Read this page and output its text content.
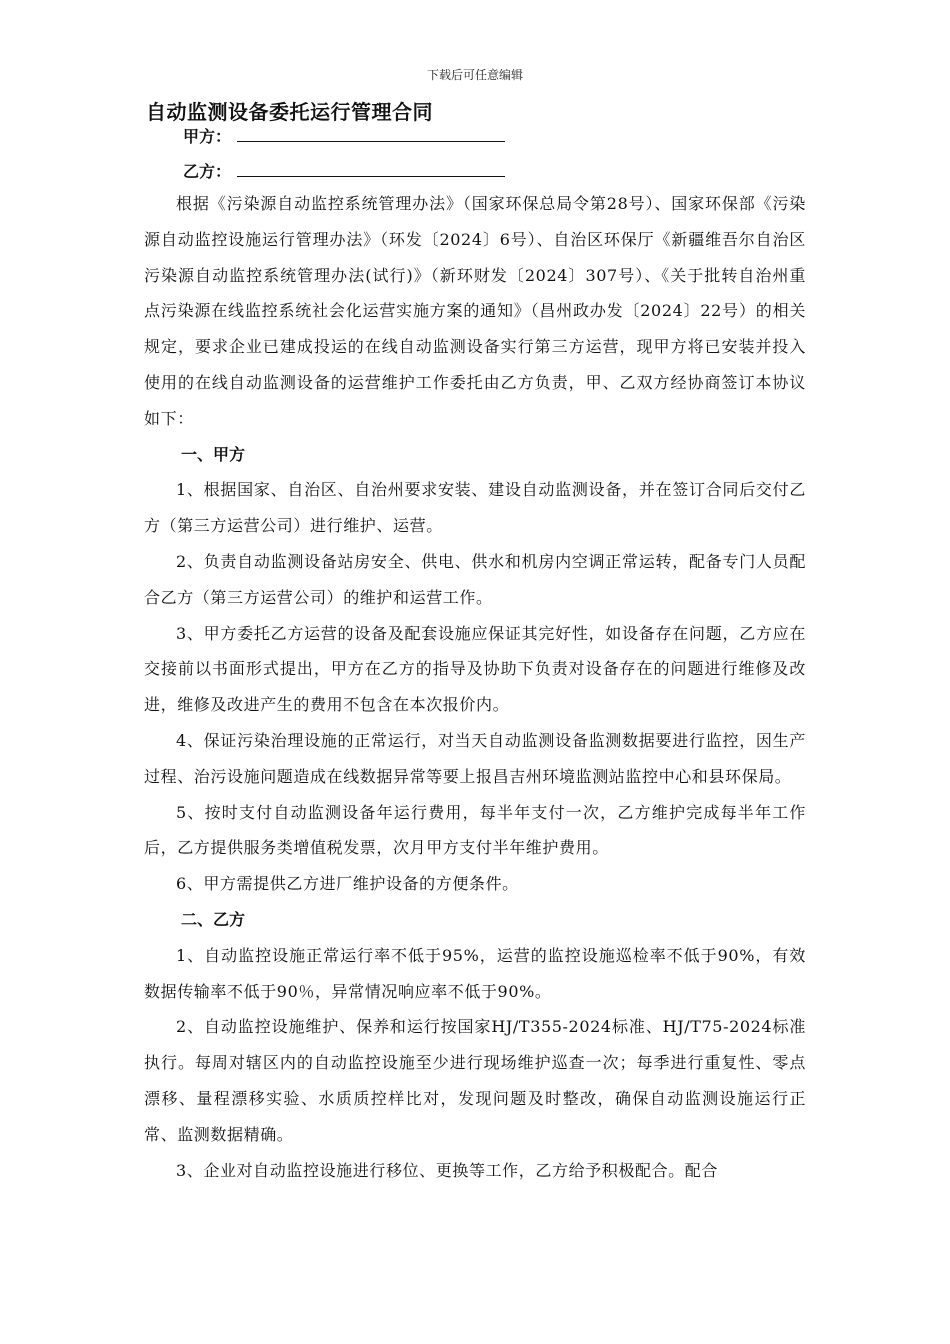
下载后可任意编辑
自动监测设备委托运行管理合同
甲方：
乙方：

根据《污染源自动监控系统管理办法》（国家环保总局令第28号）、国家环保部《污染源自动监控设施运行管理办法》（环发〔2024〕6号）、自治区环保厅《新疆维吾尔自治区污染源自动监控系统管理办法(试行)》（新环财发〔2024〕307号）、《关于批转自治州重点污染源在线监控系统社会化运营实施方案的通知》（昌州政办发〔2024〕22号）的相关规定，要求企业已建成投运的在线自动监测设备实行第三方运营，现甲方将已安装并投入使用的在线自动监测设备的运营维护工作委托由乙方负责，甲、乙双方经协商签订本协议如下：

一、甲方

1、根据国家、自治区、自治州要求安装、建设自动监测设备，并在签订合同后交付乙方（第三方运营公司）进行维护、运营。

2、负责自动监测设备站房安全、供电、供水和机房内空调正常运转，配备专门人员配合乙方（第三方运营公司）的维护和运营工作。

3、甲方委托乙方运营的设备及配套设施应保证其完好性，如设备存在问题，乙方应在交接前以书面形式提出，甲方在乙方的指导及协助下负责对设备存在的问题进行维修及改进，维修及改进产生的费用不包含在本次报价内。

4、保证污染治理设施的正常运行，对当天自动监测设备监测数据要进行监控，因生产过程、治污设施问题造成在线数据异常等要上报昌吉州环境监测站监控中心和县环保局。

5、按时支付自动监测设备年运行费用，每半年支付一次，乙方维护完成每半年工作后，乙方提供服务类增值税发票，次月甲方支付半年维护费用。

6、甲方需提供乙方进厂维护设备的方便条件。

二、乙方

1、自动监控设施正常运行率不低于95%，运营的监控设施巡检率不低于90%，有效数据传输率不低于90％，异常情况响应率不低于90%。

2、自动监控设施维护、保养和运行按国家HJ/T355-2024标准、HJ/T75-2024标准执行。每周对辖区内的自动监控设施至少进行现场维护巡查一次；每季进行重复性、零点漂移、量程漂移实验、水质质控样比对，发现问题及时整改，确保自动监测设施运行正常、监测数据精确。

3、企业对自动监控设施进行移位、更换等工作，乙方给予积极配合。配合
